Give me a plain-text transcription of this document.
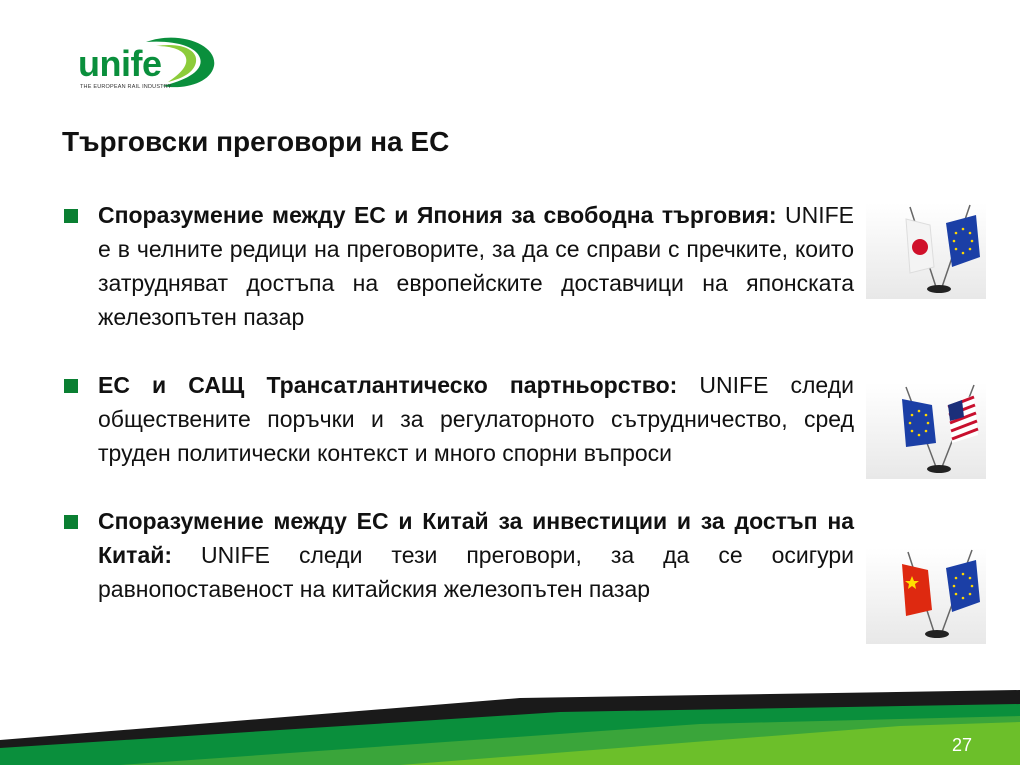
unife
THE EUROPEAN RAIL INDUSTRY
Търговски преговори на ЕС
Споразумение между ЕС и Япония за свободна търговия: UNIFE е в челните редици на преговорите, за да се справи с пречките, които затрудняват достъпа на европейските доставчици на японската железопътен пазар
ЕС и САЩ Трансатлантическо партньорство: UNIFE следи обществените поръчки и за регулаторното сътрудничество, сред труден политически контекст и много спорни въпроси
Споразумение между ЕС и Китай за инвестиции и за достъп на Китай: UNIFE следи тези преговори, за да се осигури равнопоставеност на китайския железопътен пазар
27
